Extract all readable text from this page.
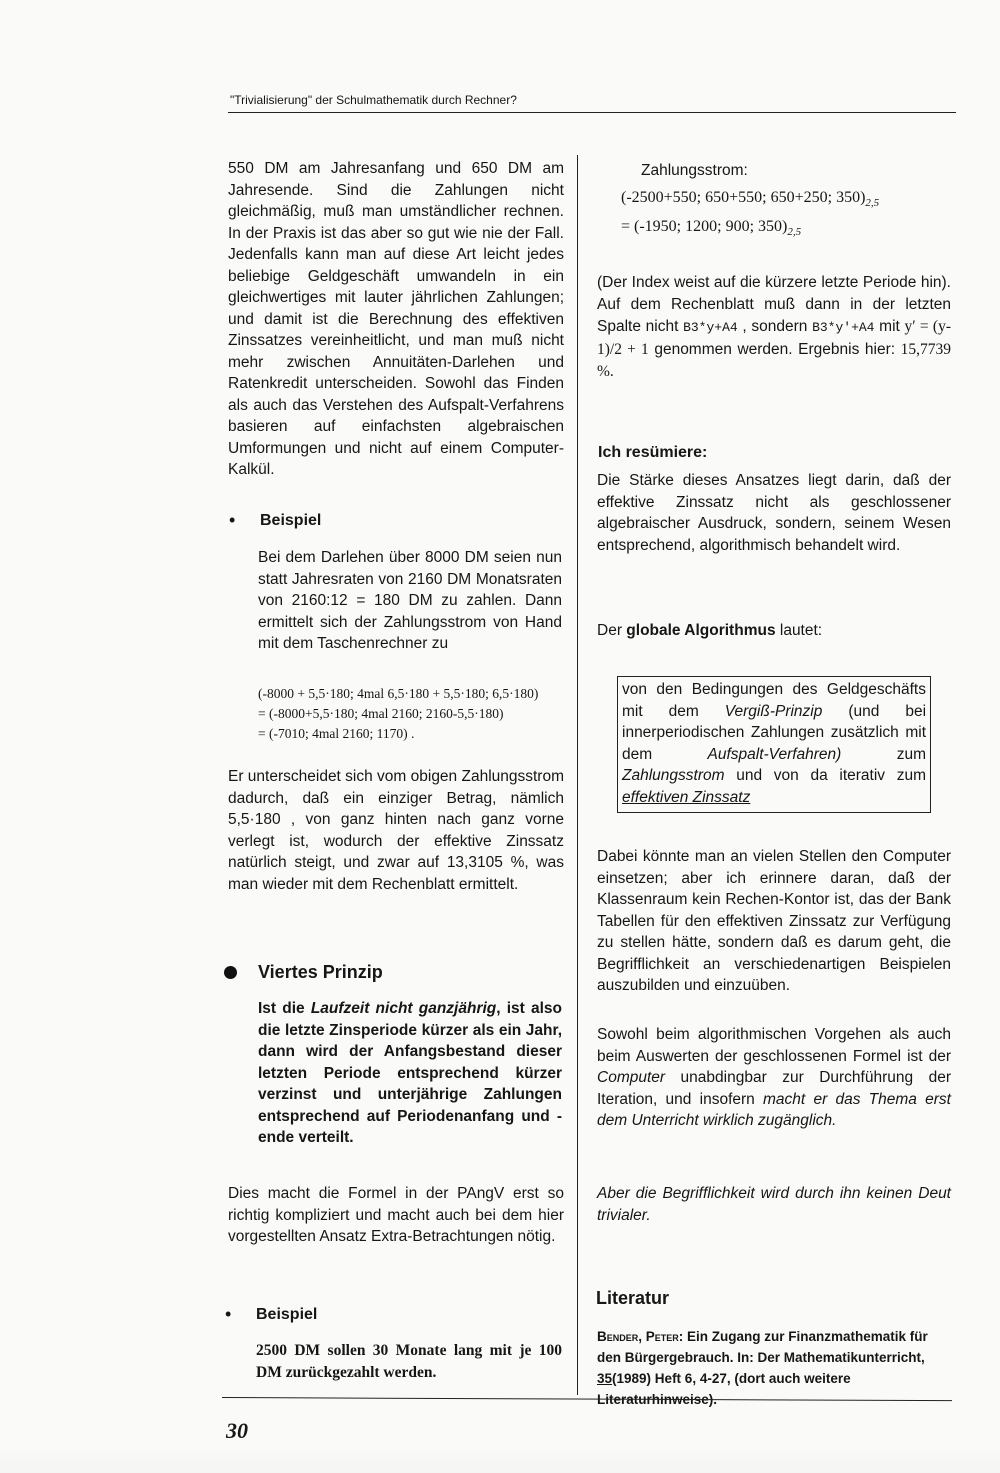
"Trivialisierung" der Schulmathematik durch Rechner?

550 DM am Jahresanfang und 650 DM am Jahresende. Sind die Zahlungen nicht gleichmäßig, muß man umständlicher rechnen. In der Praxis ist das aber so gut wie nie der Fall. Jedenfalls kann man auf diese Art leicht jedes beliebige Geldgeschäft umwandeln in ein gleichwertiges mit lauter jährlichen Zahlungen; und damit ist die Berechnung des effektiven Zinssatzes vereinheitlicht, und man muß nicht mehr zwischen Annuitäten-Darlehen und Ratenkredit unterscheiden. Sowohl das Finden als auch das Verstehen des Aufspalt-Verfahrens basieren auf einfachsten algebraischen Umformungen und nicht auf einem Computer-Kalkül.

• Beispiel

Bei dem Darlehen über 8000 DM seien nun statt Jahresraten von 2160 DM Monatsraten von 2160:12 = 180 DM zu zahlen. Dann ermittelt sich der Zahlungsstrom von Hand mit dem Taschenrechner zu

(-8000 + 5,5·180; 4mal 6,5·180 + 5,5·180; 6,5·180)
= (-8000+5,5·180; 4mal 2160; 2160-5,5·180)
= (-7010; 4mal 2160; 1170) .

Er unterscheidet sich vom obigen Zahlungsstrom dadurch, daß ein einziger Betrag, nämlich 5,5·180 , von ganz hinten nach ganz vorne verlegt ist, wodurch der effektive Zinssatz natürlich steigt, und zwar auf 13,3105 %, was man wieder mit dem Rechenblatt ermittelt.

Viertes Prinzip

Ist die Laufzeit nicht ganzjährig, ist also die letzte Zinsperiode kürzer als ein Jahr, dann wird der Anfangsbestand dieser letzten Periode entsprechend kürzer verzinst und unterjährige Zahlungen entsprechend auf Periodenanfang und -ende verteilt.

Dies macht die Formel in der PAngV erst so richtig kompliziert und macht auch bei dem hier vorgestellten Ansatz Extra-Betrachtungen nötig.

• Beispiel

2500 DM sollen 30 Monate lang mit je 100 DM zurückgezahlt werden.

Zahlungsstrom:
(-2500+550; 650+550; 650+250; $350)_{2,5}$
= (-1950; 1200; 900; $350)_{2,5}$

(Der Index weist auf die kürzere letzte Periode hin). Auf dem Rechenblatt muß dann in der letzten Spalte nicht B3*y+A4 , sondern B3*y'+A4 mit y′ = (y-1)/2 + 1 genommen werden. Ergebnis hier: 15,7739 %.

Ich resümiere:

Die Stärke dieses Ansatzes liegt darin, daß der effektive Zinssatz nicht als geschlossener algebraischer Ausdruck, sondern, seinem Wesen entsprechend, algorithmisch behandelt wird.

Der globale Algorithmus lautet:

von den Bedingungen des Geldgeschäfts mit dem Vergiß-Prinzip (und bei innerperiodischen Zahlungen zusätzlich mit dem	Aufspalt-Verfahren)	zum Zahlungsstrom und von da iterativ zum effektiven Zinssatz

Dabei könnte man an vielen Stellen den Computer einsetzen; aber ich erinnere daran, daß der Klassenraum kein Rechen-Kontor ist, das der Bank Tabellen für den effektiven Zinssatz zur Verfügung zu stellen hätte, sondern daß es darum geht, die Begrifflichkeit an verschiedenartigen Beispielen auszubilden und einzuüben.

Sowohl beim algorithmischen Vorgehen als auch beim Auswerten der geschlossenen Formel ist der Computer unabdingbar zur Durchführung der Iteration, und insofern macht er das Thema erst dem Unterricht wirklich zugänglich.

Aber die Begrifflichkeit wird durch ihn keinen Deut trivialer.

Literatur
Bender, Peter: Ein Zugang zur Finanzmathematik für den Bürgergebrauch. In: Der Mathematikunterricht, 35(1989) Heft 6, 4-27, (dort auch weitere Literaturhinweise).
30
